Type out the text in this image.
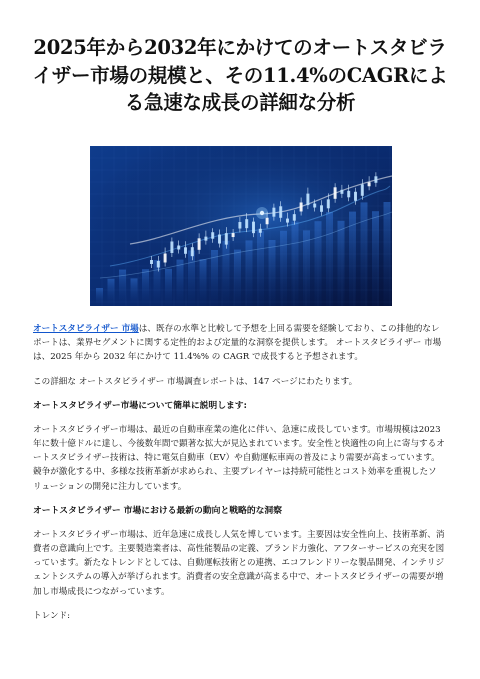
2025年から2032年にかけてのオートスタビライザー市場の規模と、その11.4%のCAGRによる急速な成長の詳細な分析

オートスタビライザー 市場は、既存の水準と比較して予想を上回る需要を経験しており、この排他的なレポートは、業界セグメントに関する定性的および定量的な洞察を提供します。 オートスタビライザー 市場は、2025 年から 2032 年にかけて 11.4%% の CAGR で成長すると予想されます。

この詳細な オートスタビライザー 市場調査レポートは、147 ページにわたります。

オートスタビライザー市場について簡単に説明します:

オートスタビライザー市場は、最近の自動車産業の進化に伴い、急速に成長しています。市場規模は2023年に数十億ドルに達し、今後数年間で顕著な拡大が見込まれています。安全性と快適性の向上に寄与するオートスタビライザー技術は、特に電気自動車（EV）や自動運転車両の普及により需要が高まっています。競争が激化する中、多様な技術革新が求められ、主要プレイヤーは持続可能性とコスト効率を重視したソリューションの開発に注力しています。

オートスタビライザー 市場における最新の動向と戦略的な洞察

オートスタビライザー市場は、近年急速に成長し人気を博しています。主要因は安全性向上、技術革新、消費者の意識向上です。主要製造業者は、高性能製品の定義、ブランド力強化、アフターサービスの充実を図っています。新たなトレンドとしては、自動運転技術との連携、エコフレンドリーな製品開発、インテリジェントシステムの導入が挙げられます。消費者の安全意識が高まる中で、オートスタビライザーの需要が増加し市場成長につながっています。

トレンド:
